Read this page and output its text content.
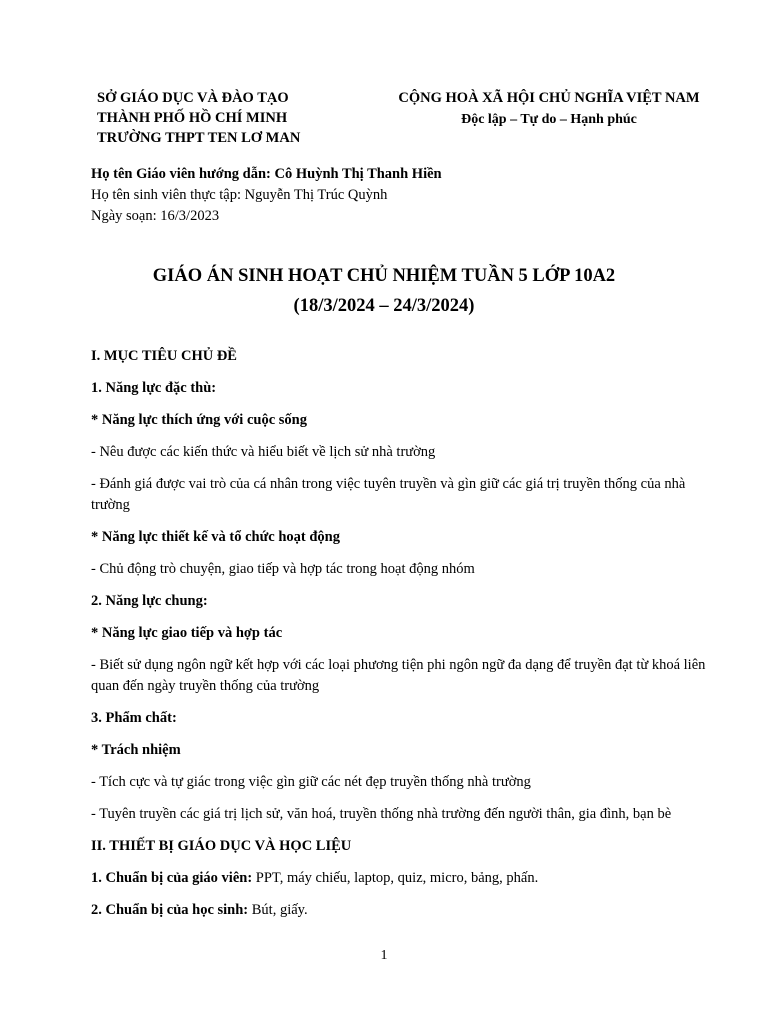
SỞ GIÁO DỤC VÀ ĐÀO TẠO
THÀNH PHỐ HỒ CHÍ MINH
TRƯỜNG THPT TEN LƠ MAN
CỘNG HOÀ XÃ HỘI CHỦ NGHĨA VIỆT NAM
Độc lập – Tự do – Hạnh phúc
Họ tên Giáo viên hướng dẫn: Cô Huỳnh Thị Thanh Hiền
Họ tên sinh viên thực tập: Nguyễn Thị Trúc Quỳnh
Ngày soạn: 16/3/2023
GIÁO ÁN SINH HOẠT CHỦ NHIỆM TUẦN 5 LỚP 10A2
(18/3/2024 – 24/3/2024)

I. MỤC TIÊU CHỦ ĐỀ

1. Năng lực đặc thù:

* Năng lực thích ứng với cuộc sống

- Nêu được các kiến thức và hiểu biết về lịch sử nhà trường

- Đánh giá được vai trò của cá nhân trong việc tuyên truyền và gìn giữ các giá trị truyền thống của nhà trường

* Năng lực thiết kế và tổ chức hoạt động

- Chủ động trò chuyện, giao tiếp và hợp tác trong hoạt động nhóm

2. Năng lực chung:

* Năng lực giao tiếp và hợp tác

- Biết sử dụng ngôn ngữ kết hợp với các loại phương tiện phi ngôn ngữ đa dạng để truyền đạt từ khoá liên quan đến ngày truyền thống của trường

3. Phẩm chất:

* Trách nhiệm

- Tích cực và tự giác trong việc gìn giữ các nét đẹp truyền thống nhà trường

- Tuyên truyền các giá trị lịch sử, văn hoá, truyền thống nhà trường đến người thân, gia đình, bạn bè

II. THIẾT BỊ GIÁO DỤC VÀ HỌC LIỆU

1. Chuẩn bị của giáo viên: PPT, máy chiếu, laptop, quiz, micro, bảng, phấn.

2. Chuẩn bị của học sinh: Bút, giấy.

1
